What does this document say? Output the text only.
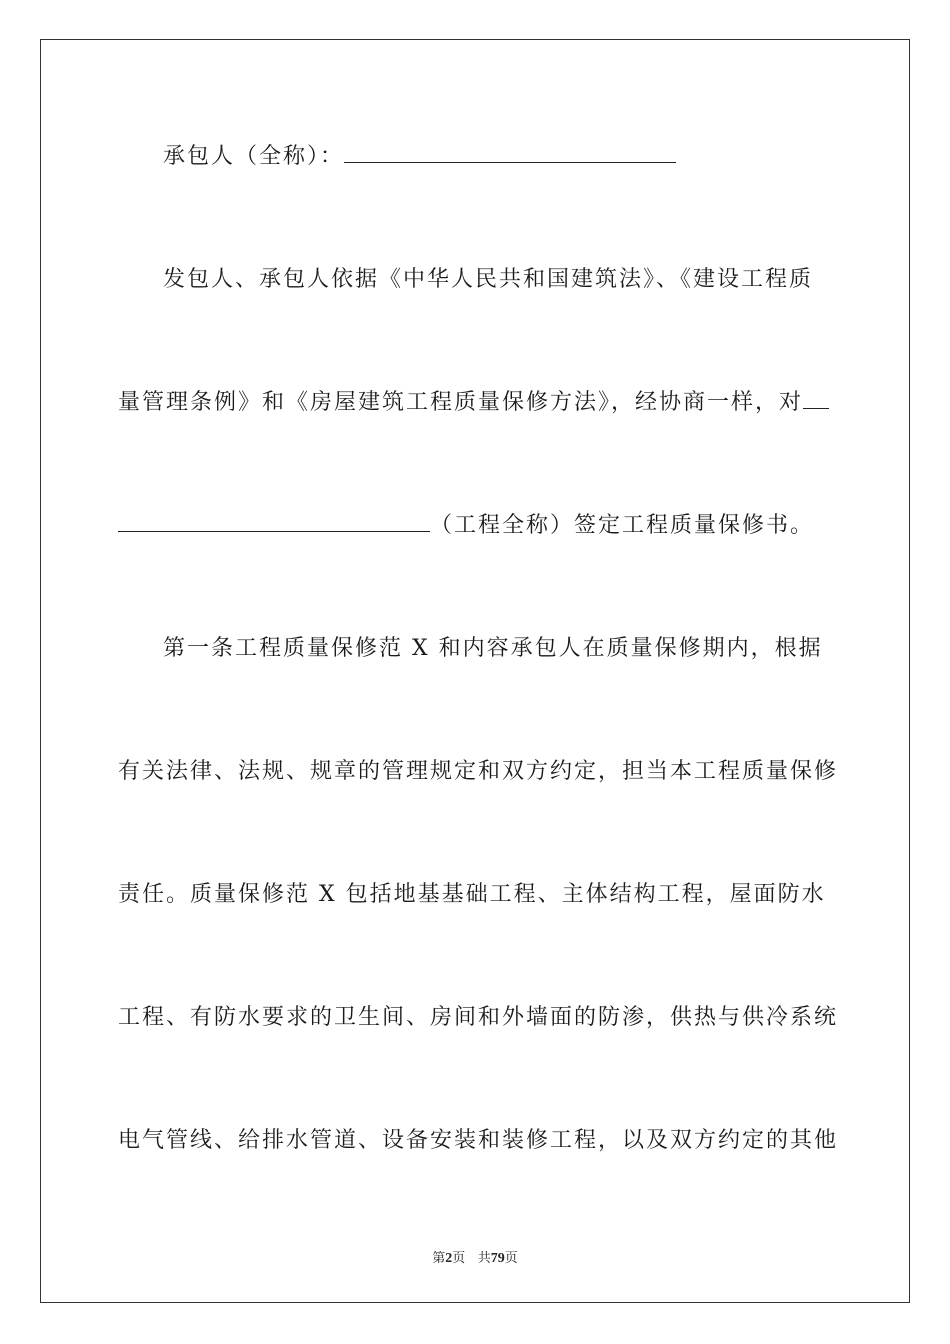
承包人（全称）：
发包人、承包人依据《中华人民共和国建筑法》、《建设工程质
量管理条例》和《房屋建筑工程质量保修方法》，经协商一样，对
（工程全称）签定工程质量保修书。
第一条工程质量保修范 X 和内容承包人在质量保修期内，根据
有关法律、法规、规章的管理规定和双方约定，担当本工程质量保修
责任。质量保修范 X 包括地基基础工程、主体结构工程，屋面防水
工程、有防水要求的卫生间、房间和外墙面的防渗，供热与供冷系统
电气管线、给排水管道、设备安装和装修工程，以及双方约定的其他
第2页 共79页
